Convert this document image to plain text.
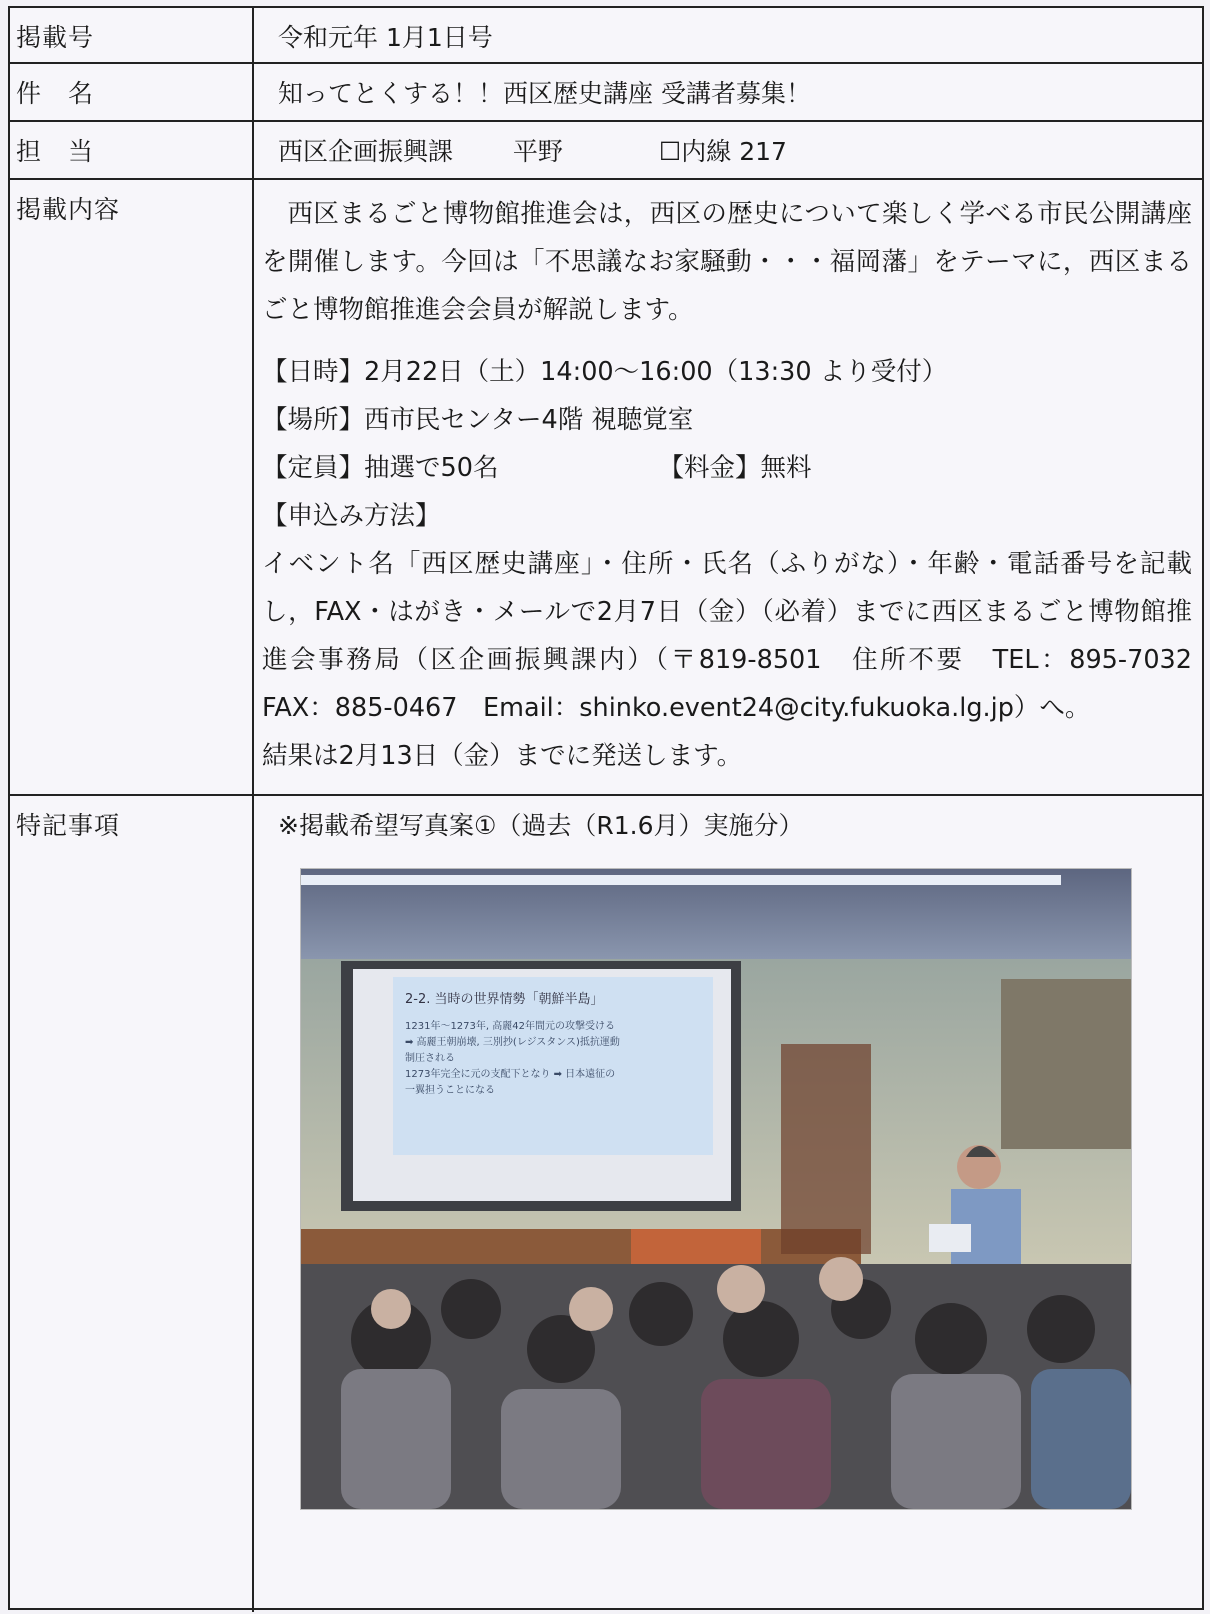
掲載号	令和元年 1月1日号
件　名	知ってとくする！！西区歴史講座 受講者募集！
担　当	西区企画振興課 平野	☐内線 217
掲載内容	西区まるごと博物館推進会は，西区の歴史について楽しく学べる市民公開講座を開催します。今回は「不思議なお家騒動・・・福岡藩」をテーマに，西区まるごと博物館推進会会員が解説します。

【日時】2月22日（土）14:00～16:00（13:30 より受付）

【場所】西市民センター4階 視聴覚室

【定員】抽選で50名	【料金】無料

【申込み方法】

イベント名「西区歴史講座」・住所・氏名（ふりがな）・年齢・電話番号を記載し，FAX・はがき・メールで2月7日（金）（必着）までに西区まるごと博物館推進会事務局（区企画振興課内）（〒819-8501　住所不要　TEL：895-7032 FAX：885-0467　Email：shinko.event24@city.fukuoka.lg.jp）へ。

結果は2月13日（金）までに発送します。

特記事項	※掲載希望写真案①（過去（R1.6月）実施分）
2-2. 当時の世界情勢「朝鮮半島」
1231年～1273年, 高麗42年間元の攻撃受ける
➡ 高麗王朝崩壊, 三別抄(レジスタンス)抵抗運動
制圧される
1273年完全に元の支配下となり ➡ 日本遠征の
一翼担うことになる
